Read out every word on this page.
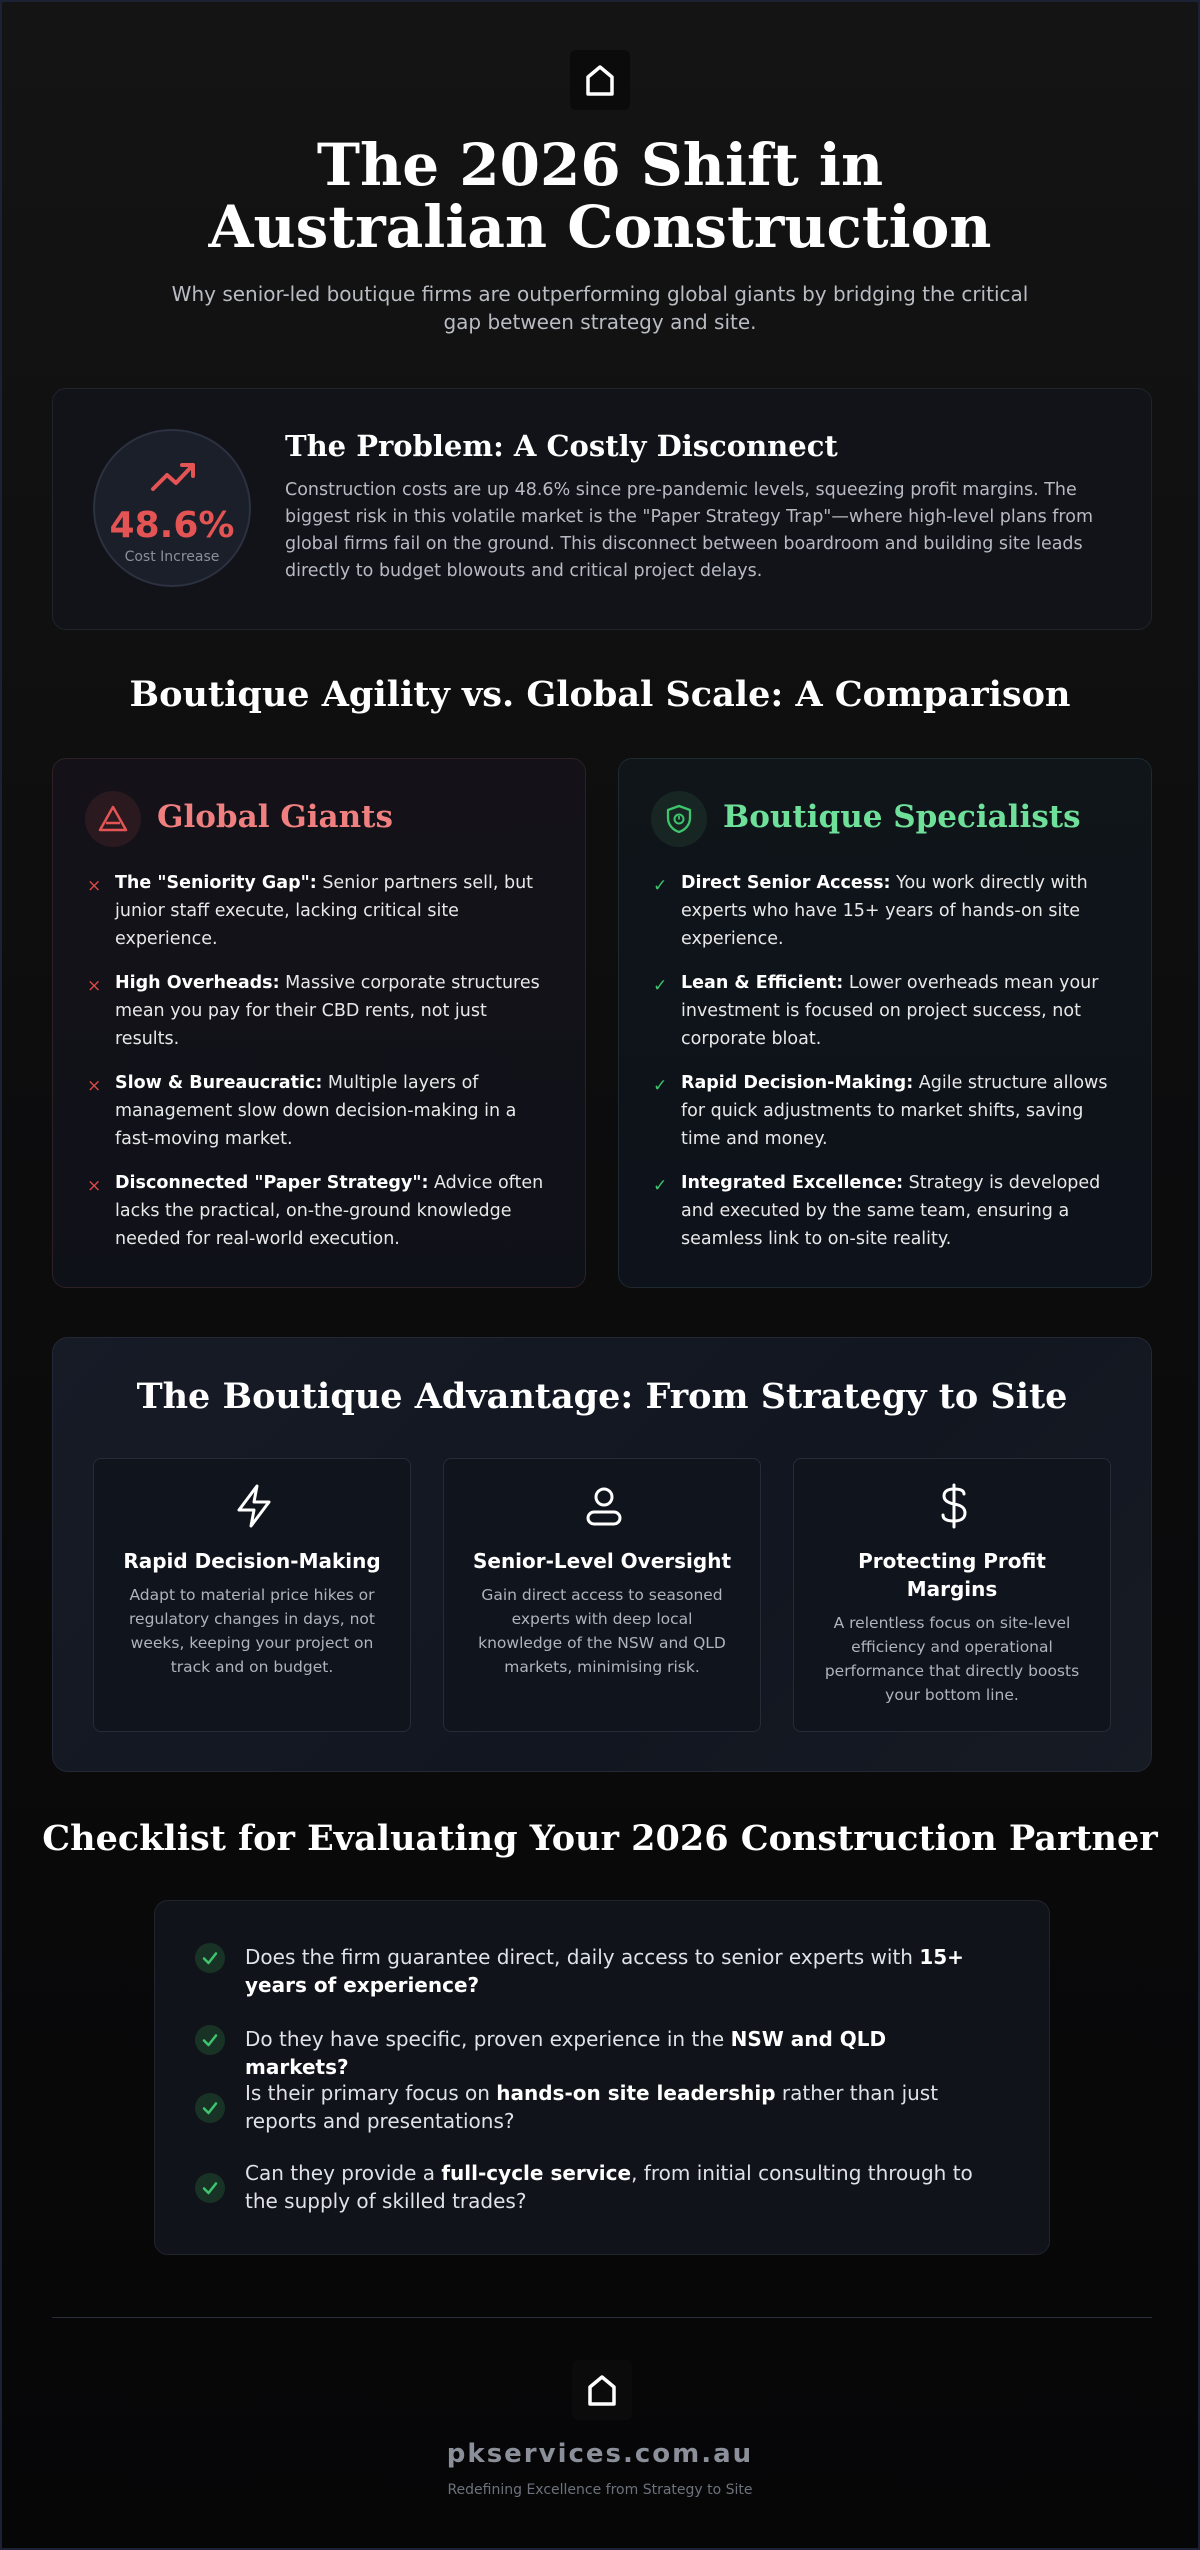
The 2026 Shift in Australian Construction

Why senior-led boutique firms are outperforming global giants by bridging the critical gap between strategy and site.

48.6%
Cost Increase
The Problem: A Costly Disconnect

Construction costs are up 48.6% since pre-pandemic levels, squeezing profit margins. The biggest risk in this volatile market is the "Paper Strategy Trap"—where high-level plans from global firms fail on the ground. This disconnect between boardroom and building site leads directly to budget blowouts and critical project delays.

Boutique Agility vs. Global Scale: A Comparison
Global Giants
× The "Seniority Gap": Senior partners sell, but junior staff execute, lacking critical site experience.
× High Overheads: Massive corporate structures mean you pay for their CBD rents, not just results.
× Slow & Bureaucratic: Multiple layers of management slow down decision-making in a fast-moving market.
× Disconnected "Paper Strategy": Advice often lacks the practical, on-the-ground knowledge needed for real-world execution.
Boutique Specialists
✓ Direct Senior Access: You work directly with experts who have 15+ years of hands-on site experience.
✓ Lean & Efficient: Lower overheads mean your investment is focused on project success, not corporate bloat.
✓ Rapid Decision-Making: Agile structure allows for quick adjustments to market shifts, saving time and money.
✓ Integrated Excellence: Strategy is developed and executed by the same team, ensuring a seamless link to on-site reality.
The Boutique Advantage: From Strategy to Site
Rapid Decision-Making
Adapt to material price hikes or regulatory changes in days, not weeks, keeping your project on track and on budget.
Senior-Level Oversight
Gain direct access to seasoned experts with deep local knowledge of the NSW and QLD markets, minimising risk.
Protecting Profit Margins
A relentless focus on site-level efficiency and operational performance that directly boosts your bottom line.
Checklist for Evaluating Your 2026 Construction Partner
Does the firm guarantee direct, daily access to senior experts with 15+ years of experience?
Do they have specific, proven experience in the NSW and QLD markets?
Is their primary focus on hands-on site leadership rather than just reports and presentations?
Can they provide a full-cycle service, from initial consulting through to the supply of skilled trades?
pkservices.com.au
Redefining Excellence from Strategy to Site
